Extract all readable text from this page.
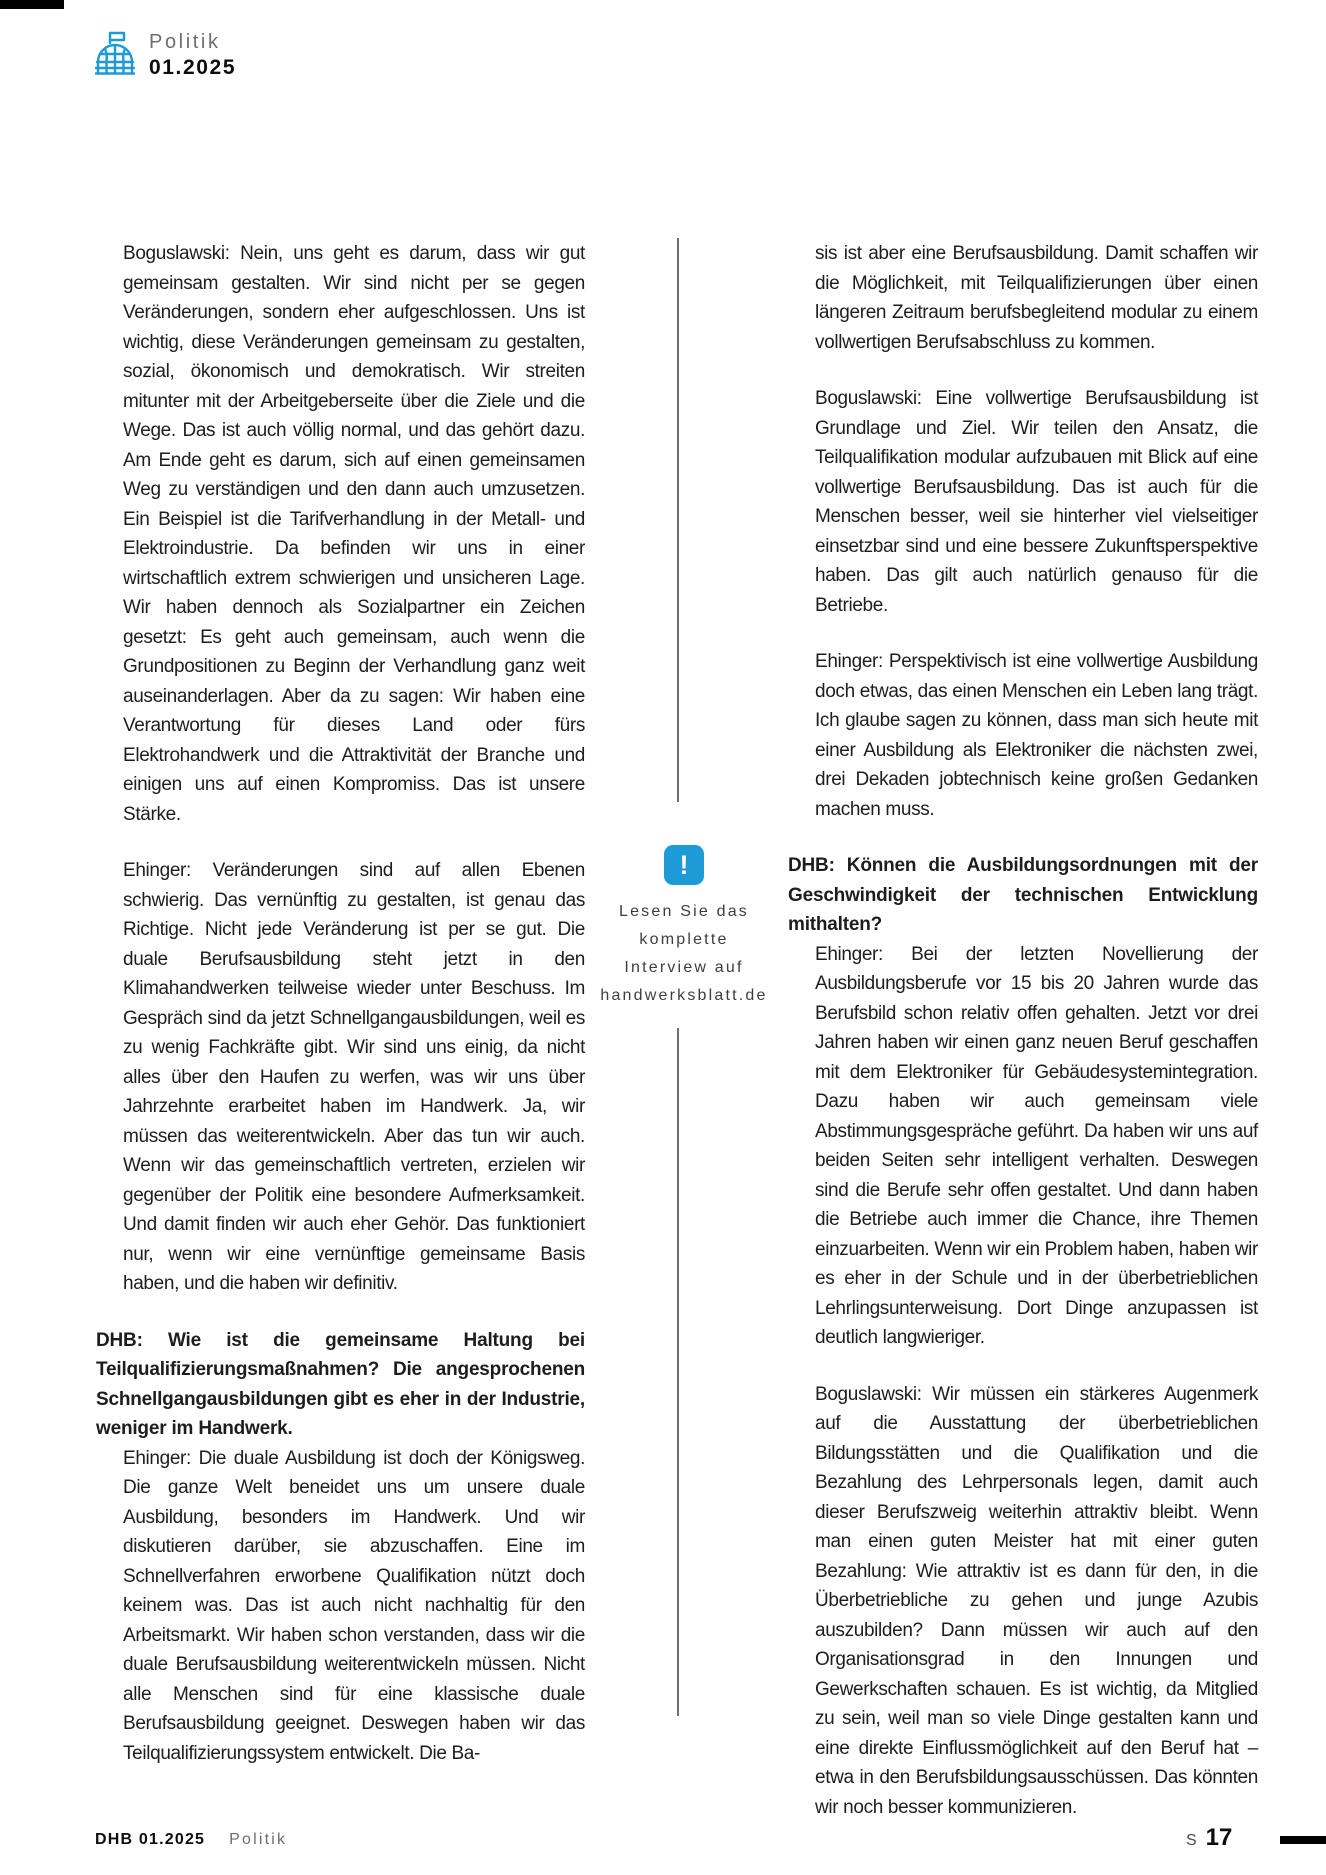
Politik
01.2025
Boguslawski: Nein, uns geht es darum, dass wir gut gemeinsam gestalten. Wir sind nicht per se gegen Veränderungen, sondern eher aufgeschlossen. Uns ist wichtig, diese Veränderungen gemeinsam zu gestalten, sozial, ökonomisch und demokratisch. Wir streiten mitunter mit der Arbeitgeberseite über die Ziele und die Wege. Das ist auch völlig normal, und das gehört dazu. Am Ende geht es darum, sich auf einen gemeinsamen Weg zu verständigen und den dann auch umzusetzen. Ein Beispiel ist die Tarifverhandlung in der Metall- und Elektroindustrie. Da befinden wir uns in einer wirtschaftlich extrem schwierigen und unsicheren Lage. Wir haben dennoch als Sozialpartner ein Zeichen gesetzt: Es geht auch gemeinsam, auch wenn die Grundpositionen zu Beginn der Verhandlung ganz weit auseinanderlagen. Aber da zu sagen: Wir haben eine Verantwortung für dieses Land oder fürs Elektrohandwerk und die Attraktivität der Branche und einigen uns auf einen Kompromiss. Das ist unsere Stärke.
Ehinger: Veränderungen sind auf allen Ebenen schwierig. Das vernünftig zu gestalten, ist genau das Richtige. Nicht jede Veränderung ist per se gut. Die duale Berufsausbildung steht jetzt in den Klimahandwerken teilweise wieder unter Beschuss. Im Gespräch sind da jetzt Schnellgangausbildungen, weil es zu wenig Fachkräfte gibt. Wir sind uns einig, da nicht alles über den Haufen zu werfen, was wir uns über Jahrzehnte erarbeitet haben im Handwerk. Ja, wir müssen das weiterentwickeln. Aber das tun wir auch. Wenn wir das gemeinschaftlich vertreten, erzielen wir gegenüber der Politik eine besondere Aufmerksamkeit. Und damit finden wir auch eher Gehör. Das funktioniert nur, wenn wir eine vernünftige gemeinsame Basis haben, und die haben wir definitiv.
DHB: Wie ist die gemeinsame Haltung bei Teilqualifizierungsmaßnahmen? Die angesprochenen Schnellgangausbildungen gibt es eher in der Industrie, weniger im Handwerk.
Ehinger: Die duale Ausbildung ist doch der Königsweg. Die ganze Welt beneidet uns um unsere duale Ausbildung, besonders im Handwerk. Und wir diskutieren darüber, sie abzuschaffen. Eine im Schnellverfahren erworbene Qualifikation nützt doch keinem was. Das ist auch nicht nachhaltig für den Arbeitsmarkt. Wir haben schon verstanden, dass wir die duale Berufsausbildung weiterentwickeln müssen. Nicht alle Menschen sind für eine klassische duale Berufsausbildung geeignet. Deswegen haben wir das Teilqualifizierungssystem entwickelt. Die Ba-
sis ist aber eine Berufsausbildung. Damit schaffen wir die Möglichkeit, mit Teilqualifizierungen über einen längeren Zeitraum berufsbegleitend modular zu einem vollwertigen Berufsabschluss zu kommen.
Boguslawski: Eine vollwertige Berufsausbildung ist Grundlage und Ziel. Wir teilen den Ansatz, die Teilqualifikation modular aufzubauen mit Blick auf eine vollwertige Berufsausbildung. Das ist auch für die Menschen besser, weil sie hinterher viel vielseitiger einsetzbar sind und eine bessere Zukunftsperspektive haben. Das gilt auch natürlich genauso für die Betriebe.
Ehinger: Perspektivisch ist eine vollwertige Ausbildung doch etwas, das einen Menschen ein Leben lang trägt. Ich glaube sagen zu können, dass man sich heute mit einer Ausbildung als Elektroniker die nächsten zwei, drei Dekaden jobtechnisch keine großen Gedanken machen muss.
DHB: Können die Ausbildungsordnungen mit der Geschwindigkeit der technischen Entwicklung mithalten?
Ehinger: Bei der letzten Novellierung der Ausbildungsberufe vor 15 bis 20 Jahren wurde das Berufsbild schon relativ offen gehalten. Jetzt vor drei Jahren haben wir einen ganz neuen Beruf geschaffen mit dem Elektroniker für Gebäudesystemintegration. Dazu haben wir auch gemeinsam viele Abstimmungsgespräche geführt. Da haben wir uns auf beiden Seiten sehr intelligent verhalten. Deswegen sind die Berufe sehr offen gestaltet. Und dann haben die Betriebe auch immer die Chance, ihre Themen einzuarbeiten. Wenn wir ein Problem haben, haben wir es eher in der Schule und in der überbetrieblichen Lehrlingsunterweisung. Dort Dinge anzupassen ist deutlich langwieriger.
Boguslawski: Wir müssen ein stärkeres Augenmerk auf die Ausstattung der überbetrieblichen Bildungsstätten und die Qualifikation und die Bezahlung des Lehrpersonals legen, damit auch dieser Berufszweig weiterhin attraktiv bleibt. Wenn man einen guten Meister hat mit einer guten Bezahlung: Wie attraktiv ist es dann für den, in die Überbetriebliche zu gehen und junge Azubis auszubilden? Dann müssen wir auch auf den Organisationsgrad in den Innungen und Gewerkschaften schauen. Es ist wichtig, da Mitglied zu sein, weil man so viele Dinge gestalten kann und eine direkte Einflussmöglichkeit auf den Beruf hat – etwa in den Berufsbildungsausschüssen. Das könnten wir noch besser kommunizieren.
!
Lesen Sie das
komplette
Interview auf
handwerksblatt.de
DHB 01.2025 Politik	S 17
